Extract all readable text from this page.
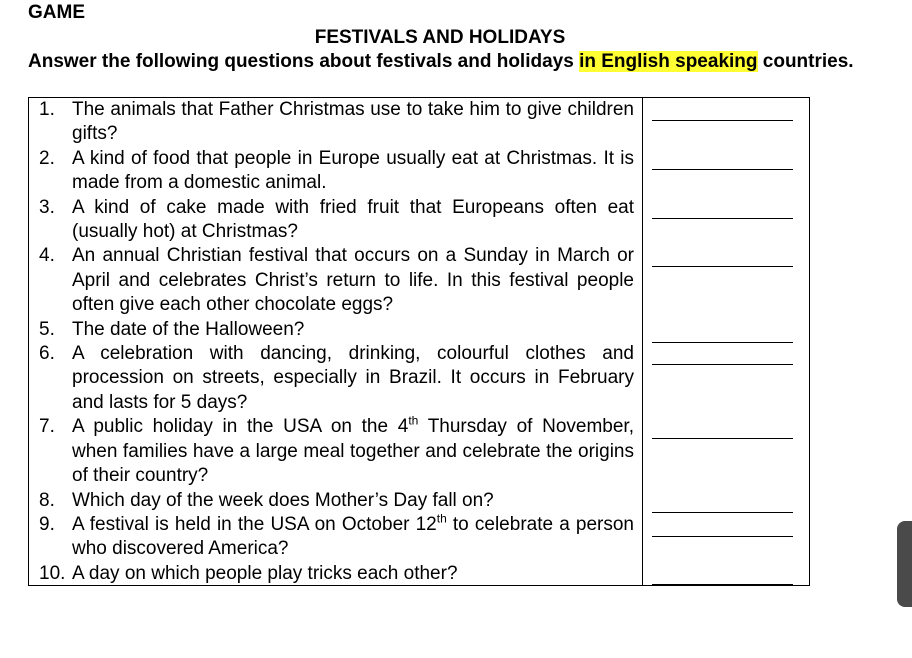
GAME
FESTIVALS AND HOLIDAYS
Answer the following questions about festivals and holidays in English speaking countries.
1. The animals that Father Christmas use to take him to give children gifts?
2. A kind of food that people in Europe usually eat at Christmas. It is made from a domestic animal.
3. A kind of cake made with fried fruit that Europeans often eat (usually hot) at Christmas?
4. An annual Christian festival that occurs on a Sunday in March or April and celebrates Christ’s return to life. In this festival people often give each other chocolate eggs?
5. The date of the Halloween?
6. A celebration with dancing, drinking, colourful clothes and procession on streets, especially in Brazil. It occurs in February and lasts for 5 days?
7. A public holiday in the USA on the 4th Thursday of November, when families have a large meal together and celebrate the origins of their country?
8. Which day of the week does Mother’s Day fall on?
9. A festival is held in the USA on October 12th to celebrate a person who discovered America?
10. A day on which people play tricks each other?
